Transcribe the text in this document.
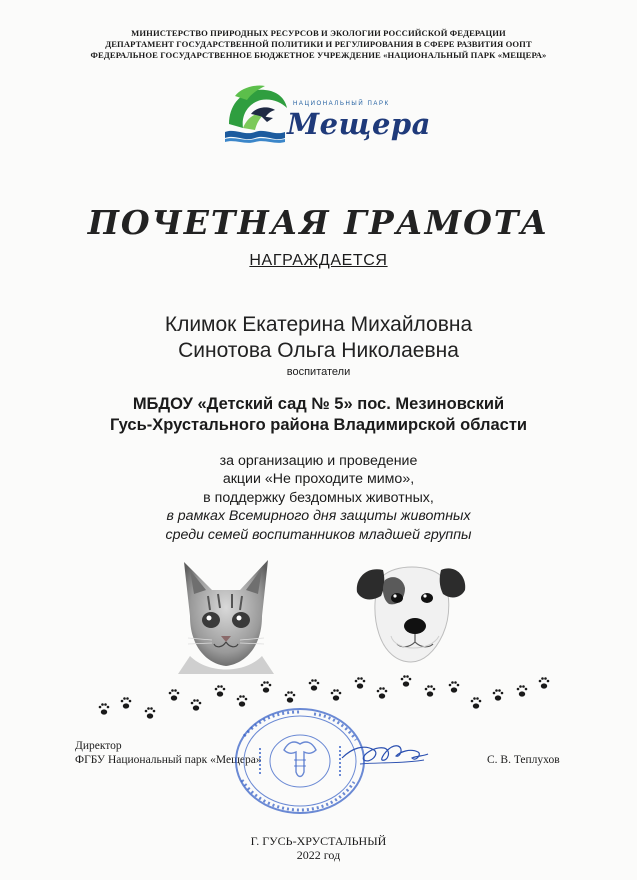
МИНИСТЕРСТВО ПРИРОДНЫХ РЕСУРСОВ И ЭКОЛОГИИ РОССИЙСКОЙ ФЕДЕРАЦИИ
ДЕПАРТАМЕНТ ГОСУДАРСТВЕННОЙ ПОЛИТИКИ И РЕГУЛИРОВАНИЯ В СФЕРЕ РАЗВИТИЯ ООПТ
ФЕДЕРАЛЬНОЕ ГОСУДАРСТВЕННОЕ БЮДЖЕТНОЕ УЧРЕЖДЕНИЕ «НАЦИОНАЛЬНЫЙ ПАРК «МЕЩЕРА»
НАЦИОНАЛЬНЫЙ ПАРК
Мещера
ПОЧЕТНАЯ ГРАМОТА
НАГРАЖДАЕТСЯ
Климок Екатерина Михайловна
Синотова Ольга Николаевна
воспитатели
МБДОУ «Детский сад № 5» пос. Мезиновский
Гусь-Хрустального района Владимирской области
за организацию и проведение
акции «Не проходите мимо»,
в поддержку бездомных животных,
в рамках Всемирного дня защиты животных
среди семей воспитанников младшей группы
Директор
ФГБУ Национальный парк «Мещера»	С. В. Теплухов
Г. ГУСЬ-ХРУСТАЛЬНЫЙ
2022 год
